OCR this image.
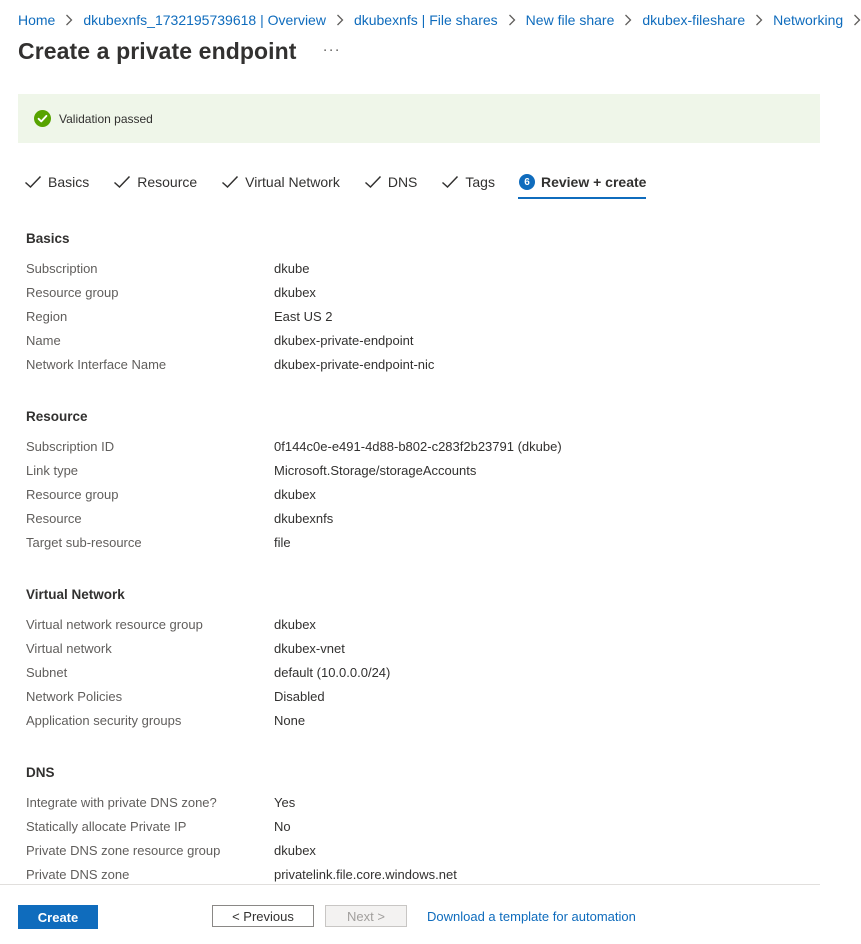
Home dkubexnfs_1732195739618 | Overview dkubexnfs | File shares New file share dkubex-fileshare Networking
Create a private endpoint ···
Validation passed
Basics	Resource	Virtual Network	DNS	Tags	6 Review + create
Basics
Subscription	dkube
Resource group	dkubex
Region	East US 2
Name	dkubex-private-endpoint
Network Interface Name	dkubex-private-endpoint-nic
Resource
Subscription ID	0f144c0e-e491-4d88-b802-c283f2b23791 (dkube)
Link type	Microsoft.Storage/storageAccounts
Resource group	dkubex
Resource	dkubexnfs
Target sub-resource	file
Virtual Network
Virtual network resource group	dkubex
Virtual network	dkubex-vnet
Subnet	default (10.0.0.0/24)
Network Policies	Disabled
Application security groups	None
DNS
Integrate with private DNS zone?	Yes
Statically allocate Private IP	No
Private DNS zone resource group	dkubex
Private DNS zone	privatelink.file.core.windows.net
Create	< Previous	Next >	Download a template for automation
